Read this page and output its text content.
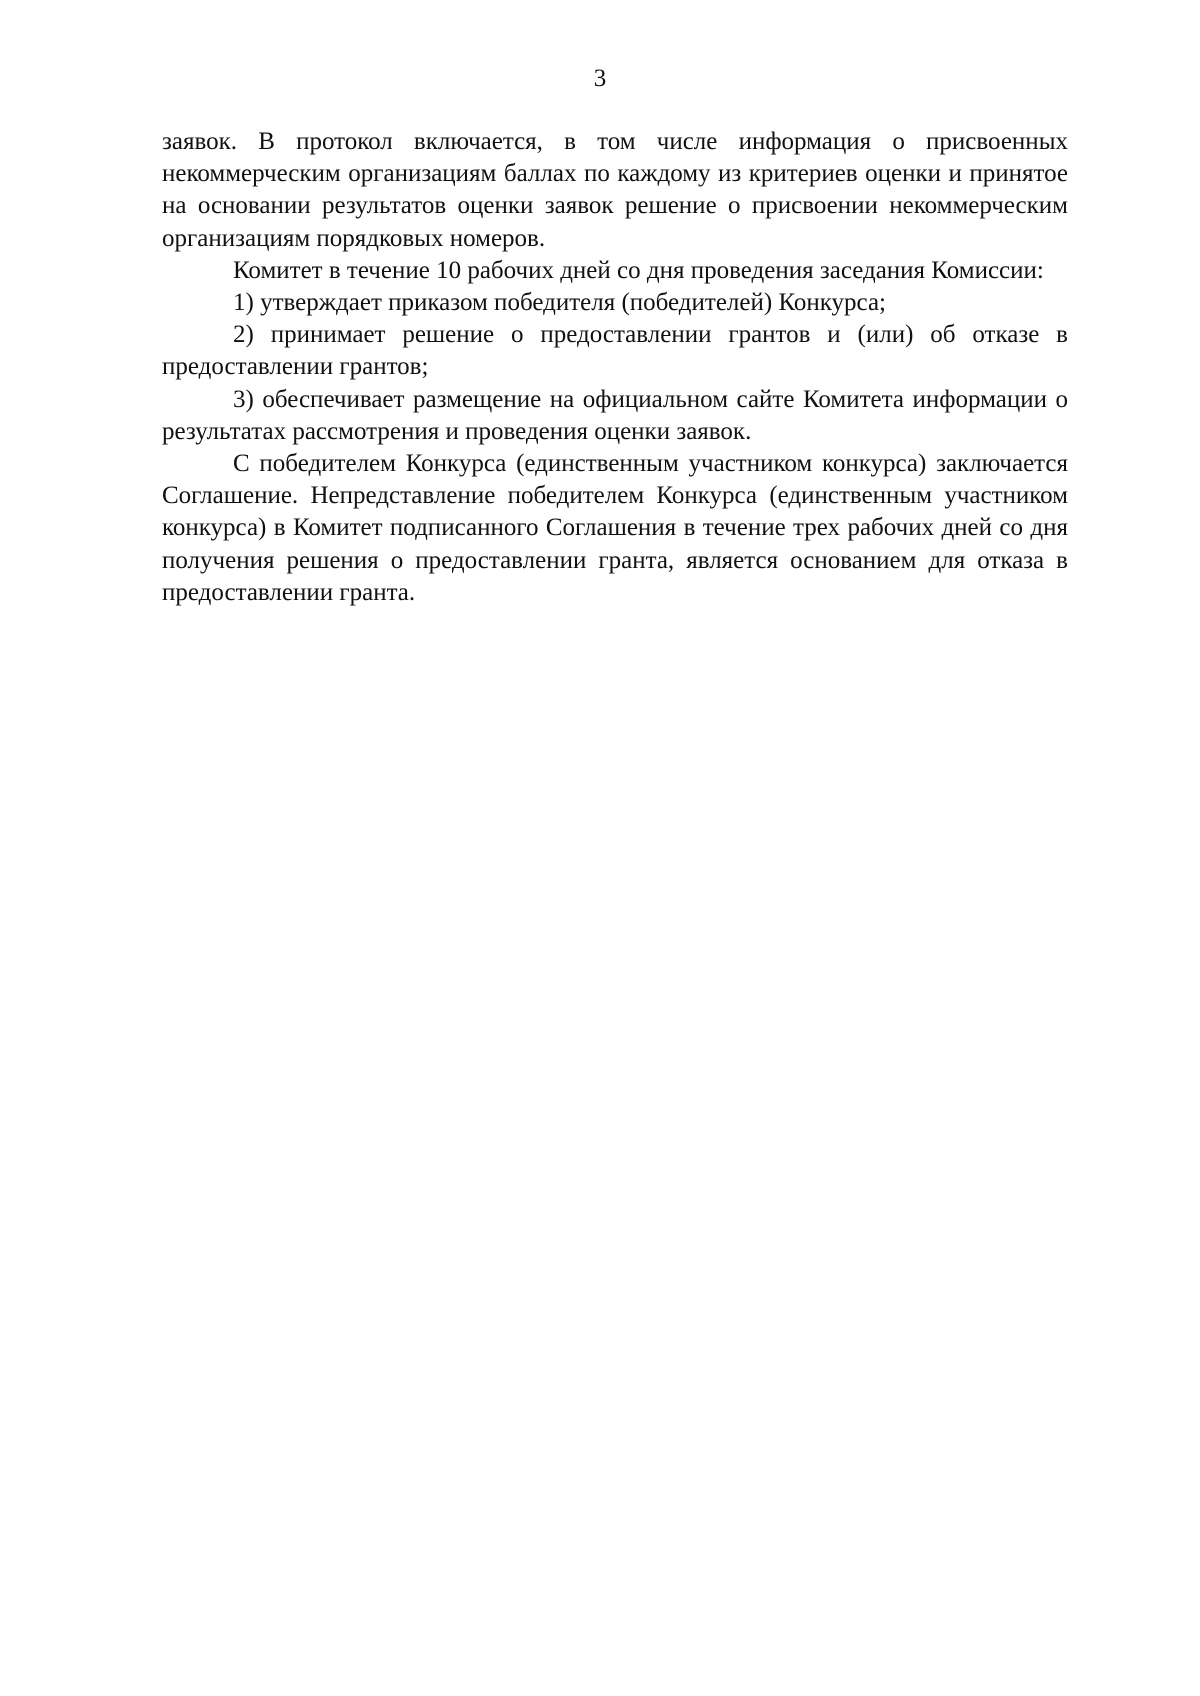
3

заявок. В протокол включается, в том числе информация о присвоенных некоммерческим организациям баллах по каждому из критериев оценки и принятое на основании результатов оценки заявок решение о присвоении некоммерческим организациям порядковых номеров.

Комитет в течение 10 рабочих дней со дня проведения заседания Комиссии:

1) утверждает приказом победителя (победителей) Конкурса;

2) принимает решение о предоставлении грантов и (или) об отказе в предоставлении грантов;

3) обеспечивает размещение на официальном сайте Комитета информации о результатах рассмотрения и проведения оценки заявок.

С победителем Конкурса (единственным участником конкурса) заключается Соглашение. Непредставление победителем Конкурса (единственным участником конкурса) в Комитет подписанного Соглашения в течение трех рабочих дней со дня получения решения о предоставлении гранта, является основанием для отказа в предоставлении гранта.
